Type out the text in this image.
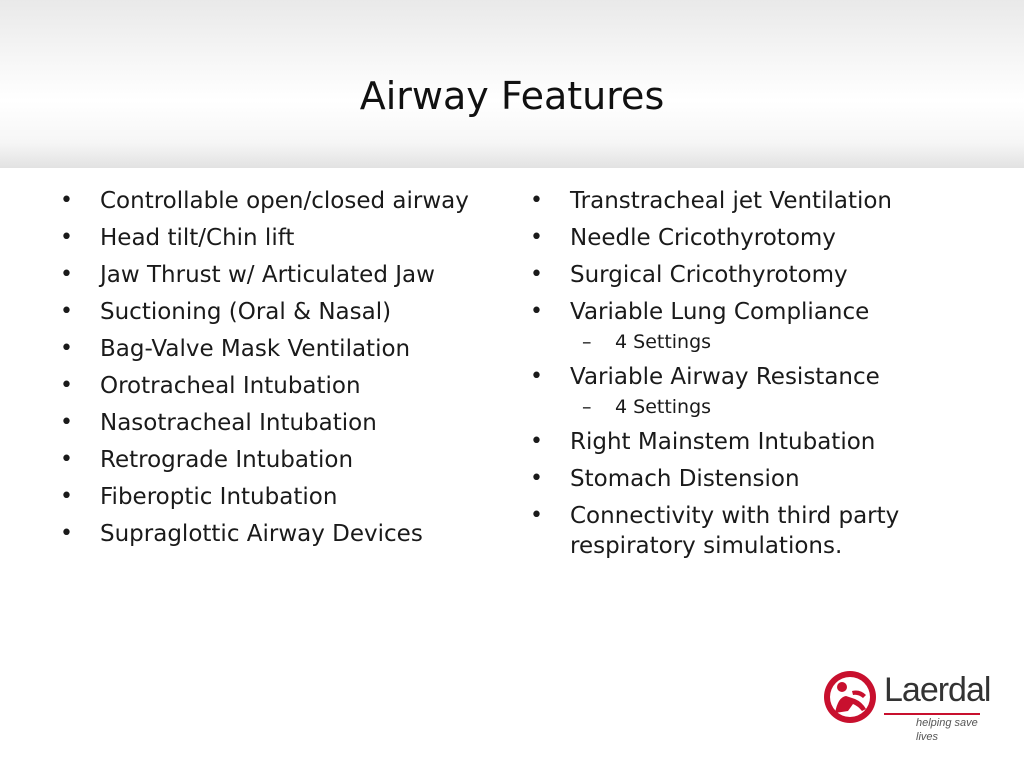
Airway Features
•	Controllable open/closed airway
•	Head tilt/Chin lift
•	Jaw Thrust w/ Articulated Jaw
•	Suctioning (Oral & Nasal)
•	Bag-Valve Mask Ventilation
•	Orotracheal Intubation
•	Nasotracheal Intubation
•	Retrograde Intubation
•	Fiberoptic Intubation
•	Supraglottic Airway Devices
•	Transtracheal jet Ventilation
•	Needle Cricothyrotomy
•	Surgical Cricothyrotomy
•	Variable Lung Compliance
– 4 Settings
•	Variable Airway Resistance
– 4 Settings
•	Right Mainstem Intubation
•	Stomach Distension
•	Connectivity with third party respiratory simulations.
Laerdal
helping save lives
